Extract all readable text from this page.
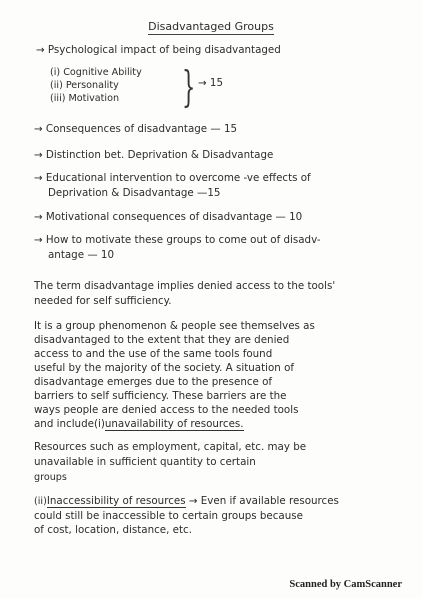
Disadvantaged Groups
→ Psychological impact of being disadvantaged
(i) Cognitive Ability
(ii) Personality
(iii) Motivation } → 15
→ Consequences of disadvantage — 15
→ Distinction bet. Deprivation & Disadvantage
→ Educational intervention to overcome -ve effects of
Deprivation & Disadvantage —15
→ Motivational consequences of disadvantage — 10
→ How to motivate these groups to come out of disadv-
antage — 10
The term disadvantage implies denied access to the tools'
needed for self sufficiency.
It is a group phenomenon & people see themselves as
disadvantaged to the extent that they are denied
access to and the use of the same tools found
useful by the majority of the society. A situation of
disadvantage emerges due to the presence of
barriers to self sufficiency. These barriers are the
ways people are denied access to the needed tools
and include(i)unavailability of resources.
Resources such as employment, capital, etc. may be
unavailable in sufficient quantity to certain
groups
(ii)Inaccessibility of resources → Even if available resources
could still be inaccessible to certain groups because
of cost, location, distance, etc.
Scanned by CamScanner
